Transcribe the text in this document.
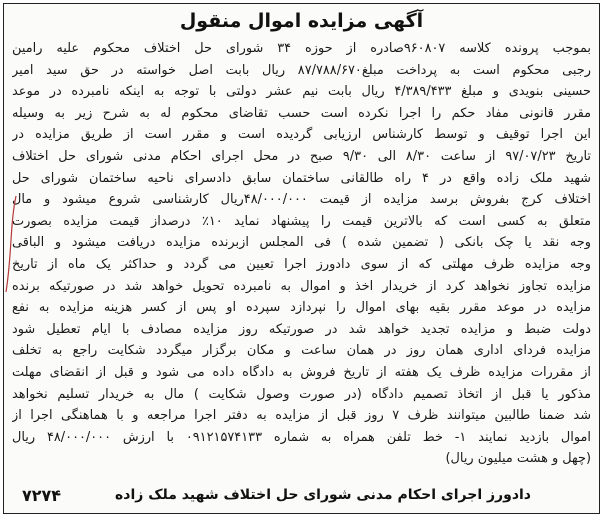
آگهی مزایده اموال منقول
بموجب پرونده کلاسه ۹۶۰۸۰۷صادره از حوزه ۳۴ شورای حل اختلاف محکوم علیه رامین
رجبی محکوم است به پرداخت مبلغ۸۷/۷۸۸/۶۷۰ ریال بابت اصل خواسته در حق سید امیر
حسینی بنویدی و مبلغ ۴/۳۸۹/۴۳۳ ریال بابت نیم عشر دولتی با توجه به اینکه نامبرده در موعد
مقرر قانونی مفاد حکم را اجرا نکرده است حسب تقاضای محکوم له به شرح زیر به وسیله
این اجرا توقیف و توسط کارشناس ارزیابی گردیده است و مقرر است از طریق مزایده در
تاریخ ۹۷/۰۷/۲۳ از ساعت ۸/۳۰ الی ۹/۳۰ صبح در محل اجرای احکام مدنی شورای حل اختلاف
شهید ملک زاده واقع در ۴ راه طالقانی ساختمان سابق دادسرای ناحیه ساختمان شورای حل
اختلاف کرج بفروش برسد مزایده از قیمت ۴۸/۰۰۰/۰۰۰ریال کارشناسی شروع میشود و مال
متعلق به کسی است که بالاترین قیمت را پیشنهاد نماید ۱۰٪ درصداز قیمت مزایده بصورت
وجه نقد یا چک بانکی ( تضمین شده ) فی المجلس ازبرنده مزایده دریافت میشود و الباقی
وجه مزایده ظرف مهلتی که از سوی دادورز اجرا تعیین می گردد و حداکثر یک ماه از تاریخ
مزایده تجاوز نخواهد کرد از خریدار اخذ و اموال به نامبرده تحویل خواهد شد در صورتیکه برنده
مزایده در موعد مقرر بقیه بهای اموال را نپردازد سپرده او پس از کسر هزینه مزایده به نفع
دولت ضبط و مزایده تجدید خواهد شد در صورتیکه روز مزایده مصادف با ایام تعطیل شود
مزایده فردای اداری همان روز در همان ساعت و مکان برگزار میگردد شکایت راجع به تخلف
از مقررات مزایده ظرف یک هفته از تاریخ فروش به دادگاه داده می شود و قبل از انقضای مهلت
مذکور یا قبل از اتخاذ تصمیم دادگاه (در صورت وصول شکایت ) مال به خریدار تسلیم نخواهد
شد ضمنا طالبین میتوانند ظرف ۷ روز قبل از مزایده به دفتر اجرا مراجعه و با هماهنگی اجرا از
اموال بازدید نمایند ۱- خط تلفن همراه به شماره ۰۹۱۲۱۵۷۴۱۳۳ با ارزش ۴۸/۰۰۰/۰۰۰ ریال
(چهل و هشت میلیون ریال)
دادورز اجرای احکام مدنی شورای حل اختلاف شهید ملک زاده
۷۲۷۴
